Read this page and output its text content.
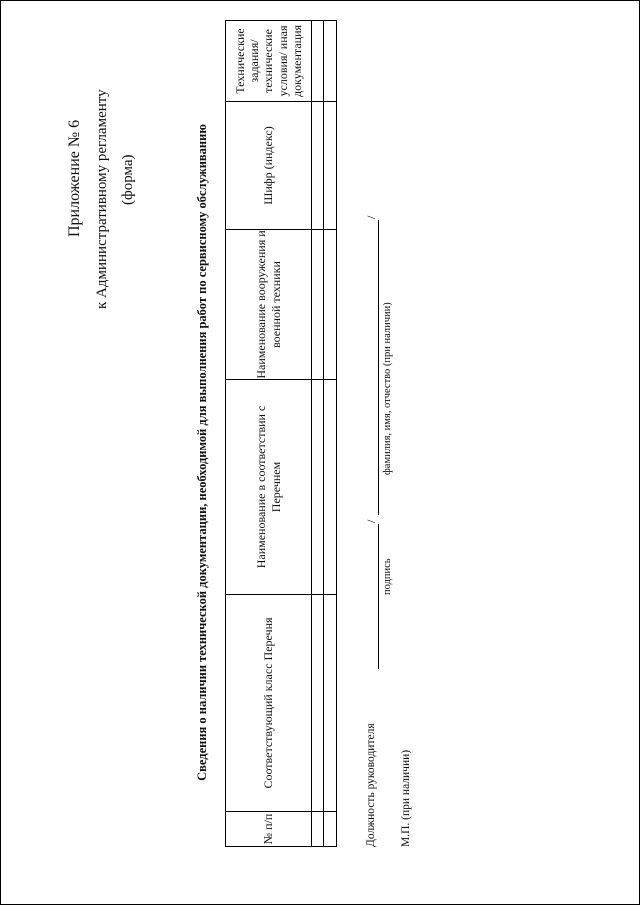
Приложение № 6 к Административному регламенту (форма)	Сведения о наличии технической документации, необходимой для выполнения работ по сервисному обслуживанию
№ п/п	Соответствующий класс Перечня	Наименование в соответствии с Перечнем	Наименование вооружения и военной техники	Шифр (индекс)	Технические задания/ технические условия/ иная документация

Должность руководителя
/
/
подпись
фамилия, имя, отчество (при наличии)
М.П. (при наличии)
